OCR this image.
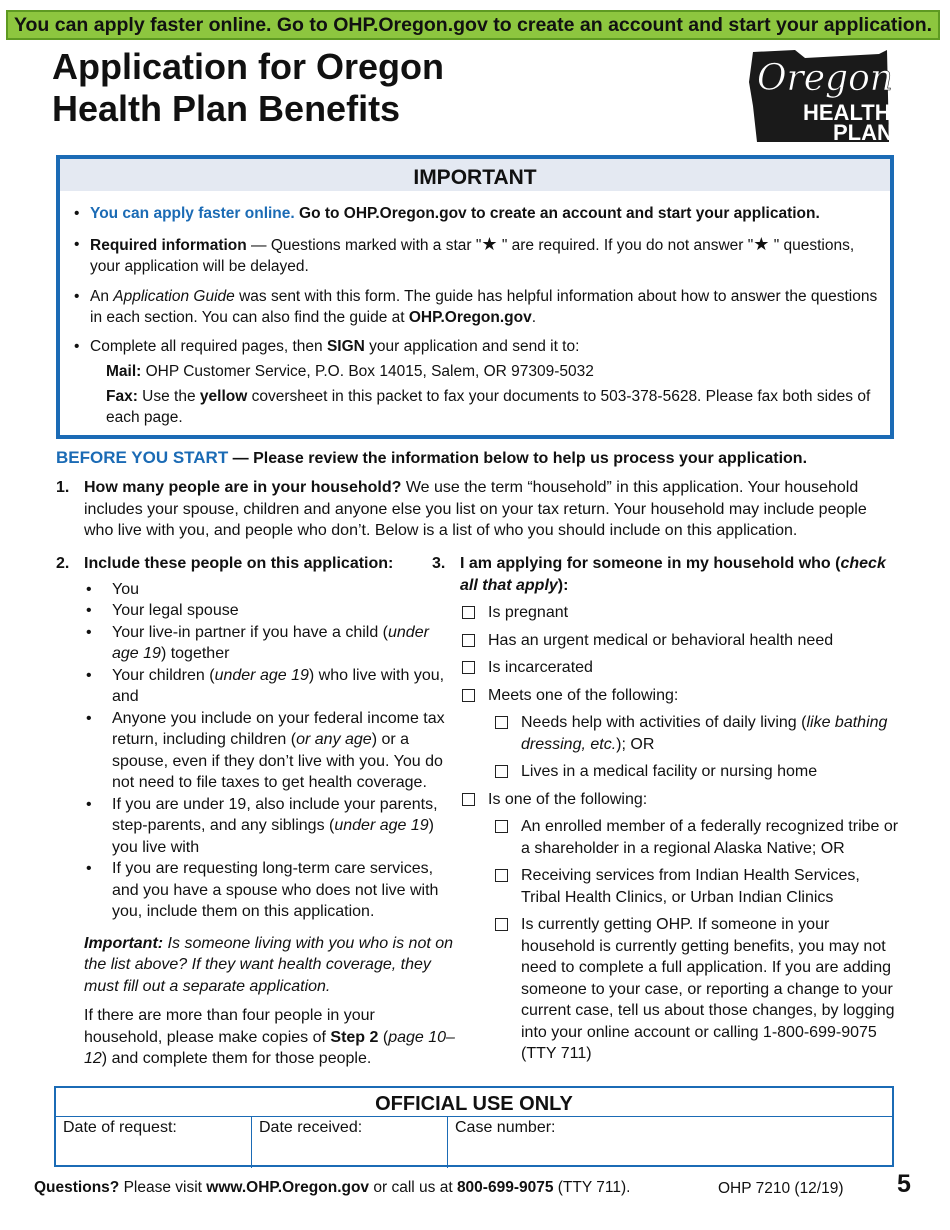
You can apply faster online. Go to OHP.Oregon.gov to create an account and start your application.
Application for Oregon
Health Plan Benefits
Oregon
HEALTH
PLAN
IMPORTANT
• You can apply faster online. Go to OHP.Oregon.gov to create an account and start your application.
• Required information — Questions marked with a star "★ " are required. If you do not answer "★ " questions, your application will be delayed.
• An Application Guide was sent with this form. The guide has helpful information about how to answer the questions in each section. You can also find the guide at OHP.Oregon.gov.
• Complete all required pages, then SIGN your application and send it to:
Mail: OHP Customer Service, P.O. Box 14015, Salem, OR 97309-5032
Fax: Use the yellow coversheet in this packet to fax your documents to 503-378-5628. Please fax both sides of each page.
BEFORE YOU START — Please review the information below to help us process your application.
1. How many people are in your household? We use the term “household” in this application. Your household includes your spouse, children and anyone else you list on your tax return. Your household may include people who live with you, and people who don’t. Below is a list of who you should include on this application.
2. Include these people on this application:
• You
• Your legal spouse
• Your live-in partner if you have a child (under age 19) together
• Your children (under age 19) who live with you, and
• Anyone you include on your federal income tax return, including children (or any age) or a spouse, even if they don’t live with you. You do not need to file taxes to get health coverage.
• If you are under 19, also include your parents, step-parents, and any siblings (under age 19) you live with
• If you are requesting long-term care services, and you have a spouse who does not live with you, include them on this application.

Important: Is someone living with you who is not on the list above? If they want health coverage, they must fill out a separate application.

If there are more than four people in your household, please make copies of Step 2 (page 10–12) and complete them for those people.

3. I am applying for someone in my household who (check all that apply):
Is pregnant
Has an urgent medical or behavioral health need
Is incarcerated
Meets one of the following:
Needs help with activities of daily living (like bathing dressing, etc.); OR
Lives in a medical facility or nursing home
Is one of the following:
An enrolled member of a federally recognized tribe or a shareholder in a regional Alaska Native; OR
Receiving services from Indian Health Services, Tribal Health Clinics, or Urban Indian Clinics
Is currently getting OHP. If someone in your household is currently getting benefits, you may not need to complete a full application. If you are adding someone to your case, or reporting a change to your current case, tell us about those changes, by logging into your online account or calling 1-800-699-9075 (TTY 711)
OFFICIAL USE ONLY
Date of request:	Date received:	Case number:
Questions? Please visit www.OHP.Oregon.gov or call us at 800-699-9075 (TTY 711).	OHP 7210 (12/19) 5
